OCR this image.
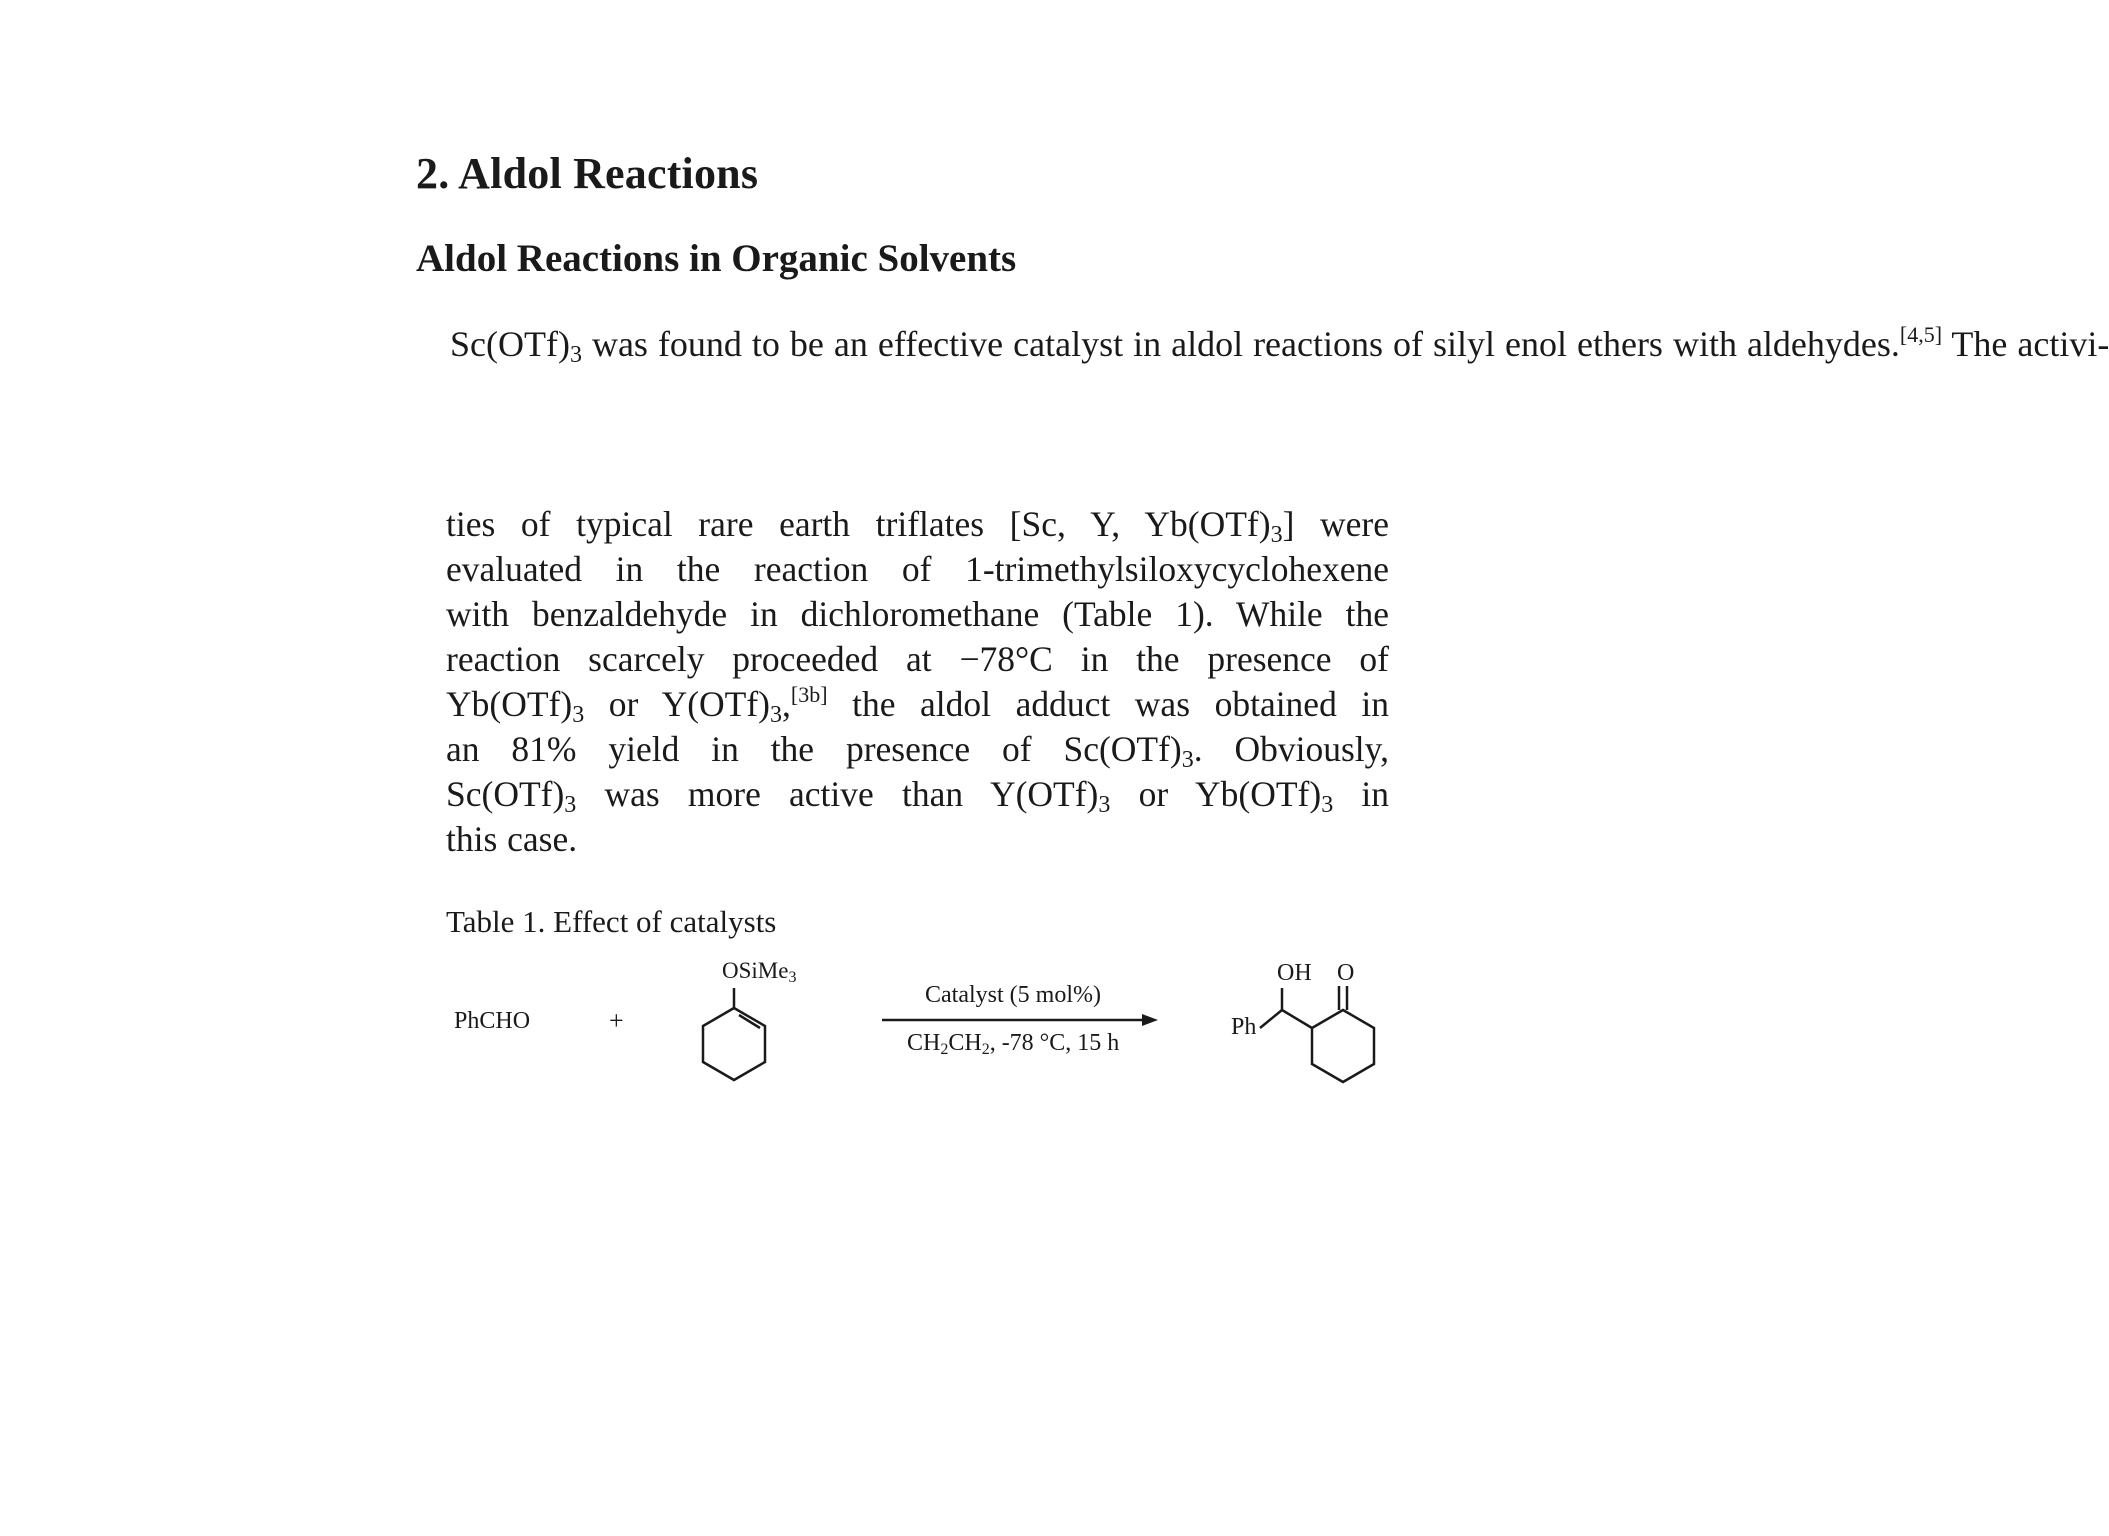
2. Aldol Reactions
Aldol Reactions in Organic Solvents
$Sc(OTf)_3$ was found to be an effective catalyst in aldol reactions of silyl enol ethers with aldehydes.[4,5] The activi-
ties of typical rare earth triflates [Sc, Y, $Yb(OTf)_3$] were
evaluated in the reaction of 1-trimethylsiloxycyclohexene
with benzaldehyde in dichloromethane (Table 1). While the
reaction scarcely proceeded at −78°C in the presence of
$Yb(OTf)_3$ or $Y(OTf)_3,[3b]$ the aldol adduct was obtained in
an 81% yield in the presence of $Sc(OTf)_3$. Obviously,
$Sc(OTf)_3$ was more active than $Y(OTf)_3$ or $Yb(OTf)_3$ in
this case.
Table 1. Effect of catalysts
PhCHO	+
OSiMe$_3$
Catalyst (5 mol%)
$CH_2CH_2$, -78 °C, 15 h
OH O
Ph
